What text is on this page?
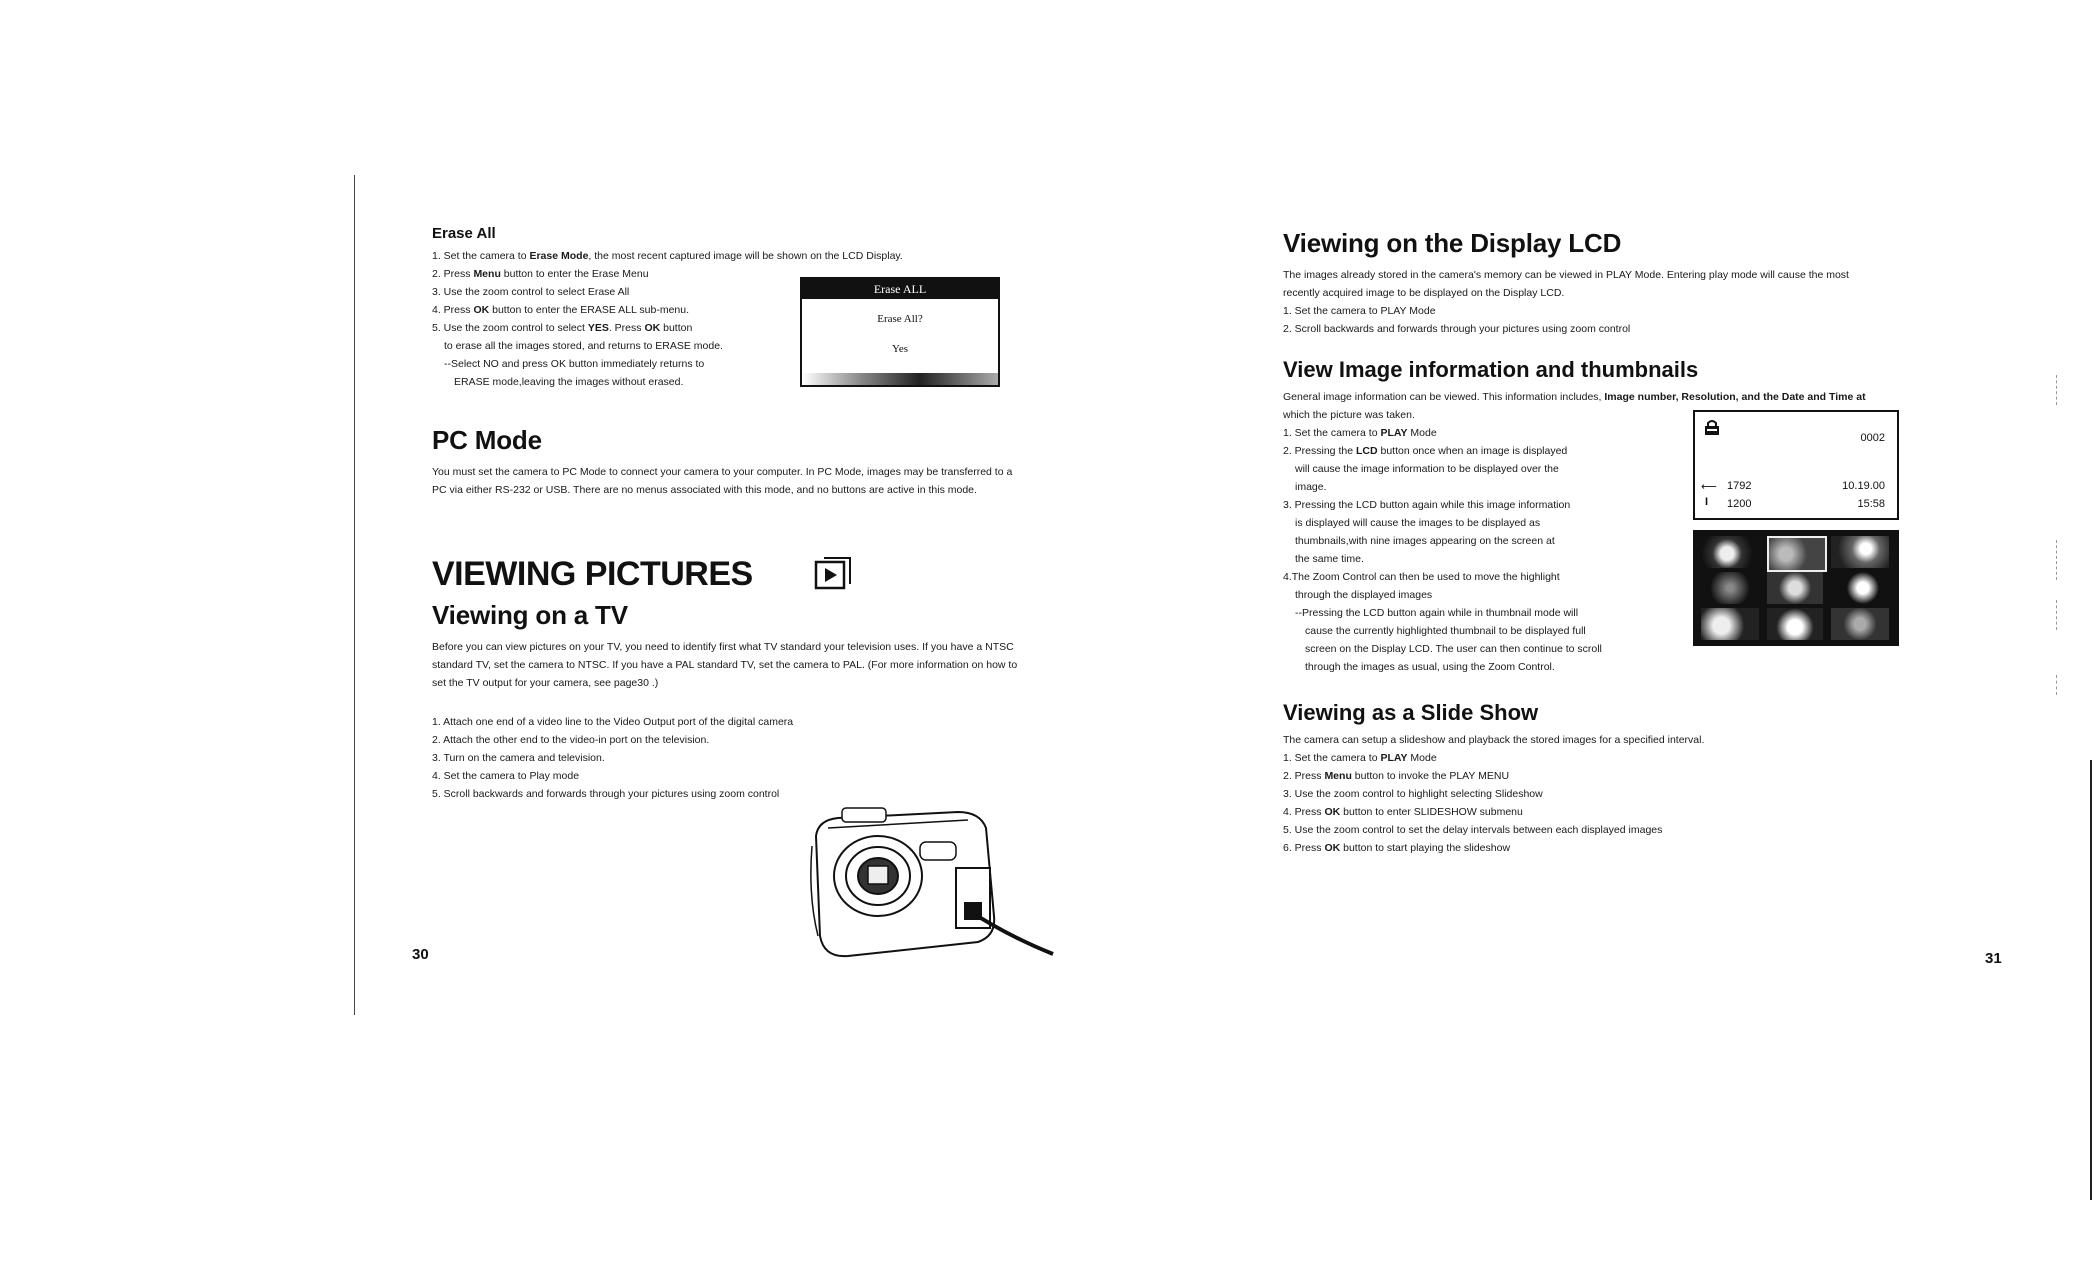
Erase All
1. Set the camera to Erase Mode, the most recent captured image will be shown on the LCD Display.
2. Press Menu button to enter the Erase Menu
3. Use the zoom control to select Erase All
4. Press OK button to enter the ERASE ALL sub-menu.
5. Use the zoom control to select YES. Press OK button
to erase all the images stored, and returns to ERASE mode.
--Select NO and press OK button immediately returns to
ERASE mode,leaving the images without erased.
Erase ALL
Erase All?
Yes
PC Mode
You must set the camera to PC Mode to connect your camera to your computer. In PC Mode, images may be transferred to a
PC via either RS-232 or USB. There are no menus associated with this mode, and no buttons are active in this mode.
VIEWING PICTURES
Viewing on a TV
Before you can view pictures on your TV, you need to identify first what TV standard your television uses. If you have a NTSC
standard TV, set the camera to NTSC. If you have a PAL standard TV, set the camera to PAL. (For more information on how to
set the TV output for your camera, see page30 .)
1. Attach one end of a video line to the Video Output port of the digital camera
2. Attach the other end to the video-in port on the television.
3. Turn on the camera and television.
4. Set the camera to Play mode
5. Scroll backwards and forwards through your pictures using zoom control
30
Viewing on the Display LCD
The images already stored in the camera's memory can be viewed in PLAY Mode. Entering play mode will cause the most
recently acquired image to be displayed on the Display LCD.
1. Set the camera to PLAY Mode
2. Scroll backwards and forwards through your pictures using zoom control
View Image information and thumbnails
General image information can be viewed. This information includes, Image number, Resolution, and the Date and Time at
which the picture was taken.
1. Set the camera to PLAY Mode
2. Pressing the LCD button once when an image is displayed
will cause the image information to be displayed over the
image.
3. Pressing the LCD button again while this image information
is displayed will cause the images to be displayed as
thumbnails,with nine images appearing on the screen at
the same time.
4.The Zoom Control can then be used to move the highlight
through the displayed images
--Pressing the LCD button again while in thumbnail mode will
cause the currently highlighted thumbnail to be displayed full
screen on the Display LCD. The user can then continue to scroll
through the images as usual, using the Zoom Control.
0002
⟵ 1792
I 1200
10.19.00
15:58
Viewing as a Slide Show
The camera can setup a slideshow and playback the stored images for a specified interval.
1. Set the camera to PLAY Mode
2. Press Menu button to invoke the PLAY MENU
3. Use the zoom control to highlight selecting Slideshow
4. Press OK button to enter SLIDESHOW submenu
5. Use the zoom control to set the delay intervals between each displayed images
6. Press OK button to start playing the slideshow
31
